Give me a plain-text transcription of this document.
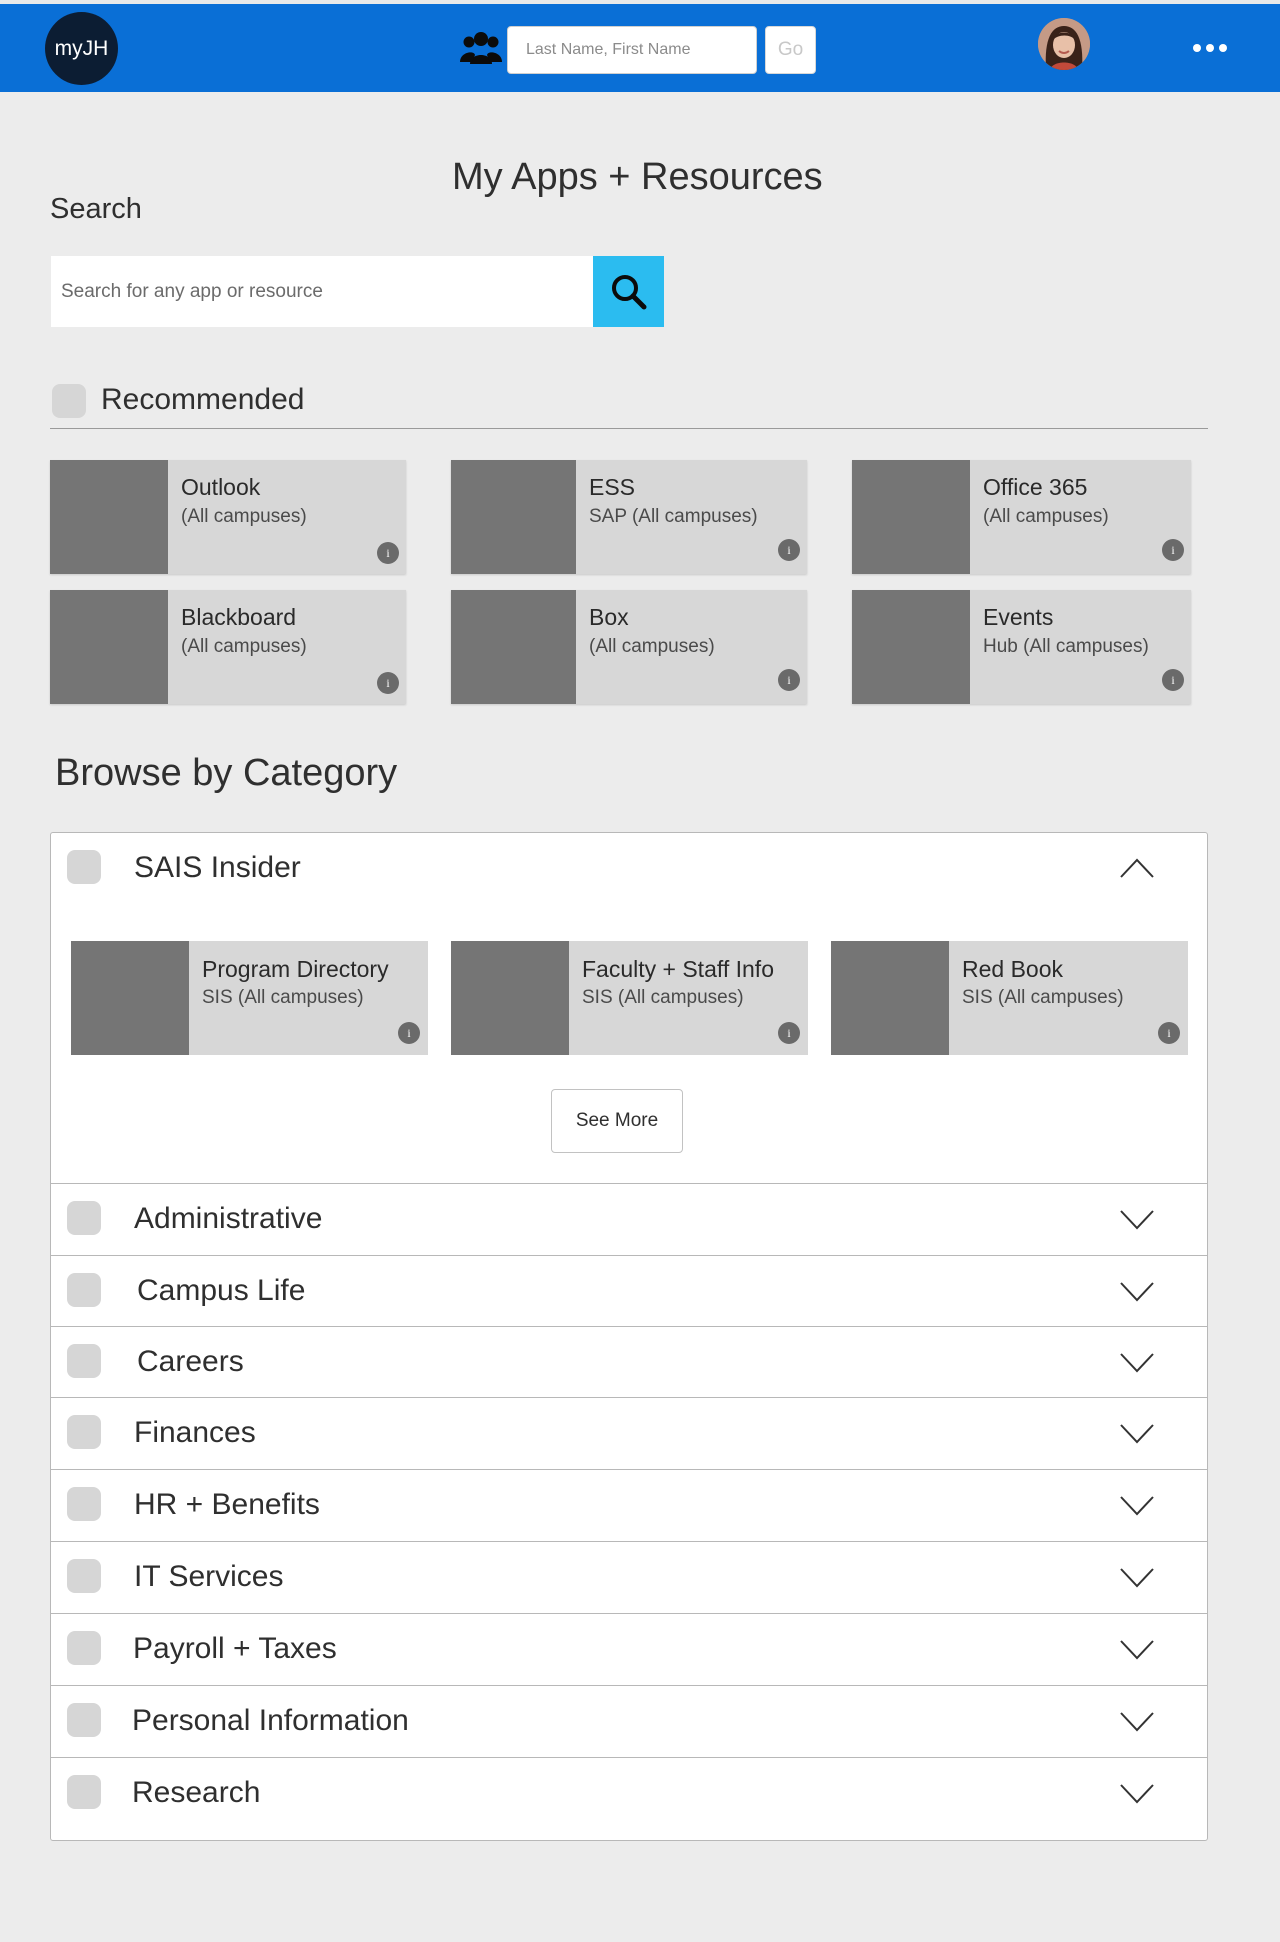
myJH
Last Name, First Name	Go
My Apps + Resources
Search
Search for any app or resource
Recommended
Outlook
(All campuses)
i
ESS
SAP (All campuses)
i
Office 365
(All campuses)
i
Blackboard
(All campuses)
i
Box
(All campuses)
i
Events
Hub (All campuses)
i
Browse by Category
SAIS Insider
Program Directory
SIS (All campuses)
i
Faculty + Staff Info
SIS (All campuses)
i
Red Book
SIS (All campuses)
i
See More
Administrative
Campus Life
Careers
Finances
HR + Benefits
IT Services
Payroll + Taxes
Personal Information
Research
